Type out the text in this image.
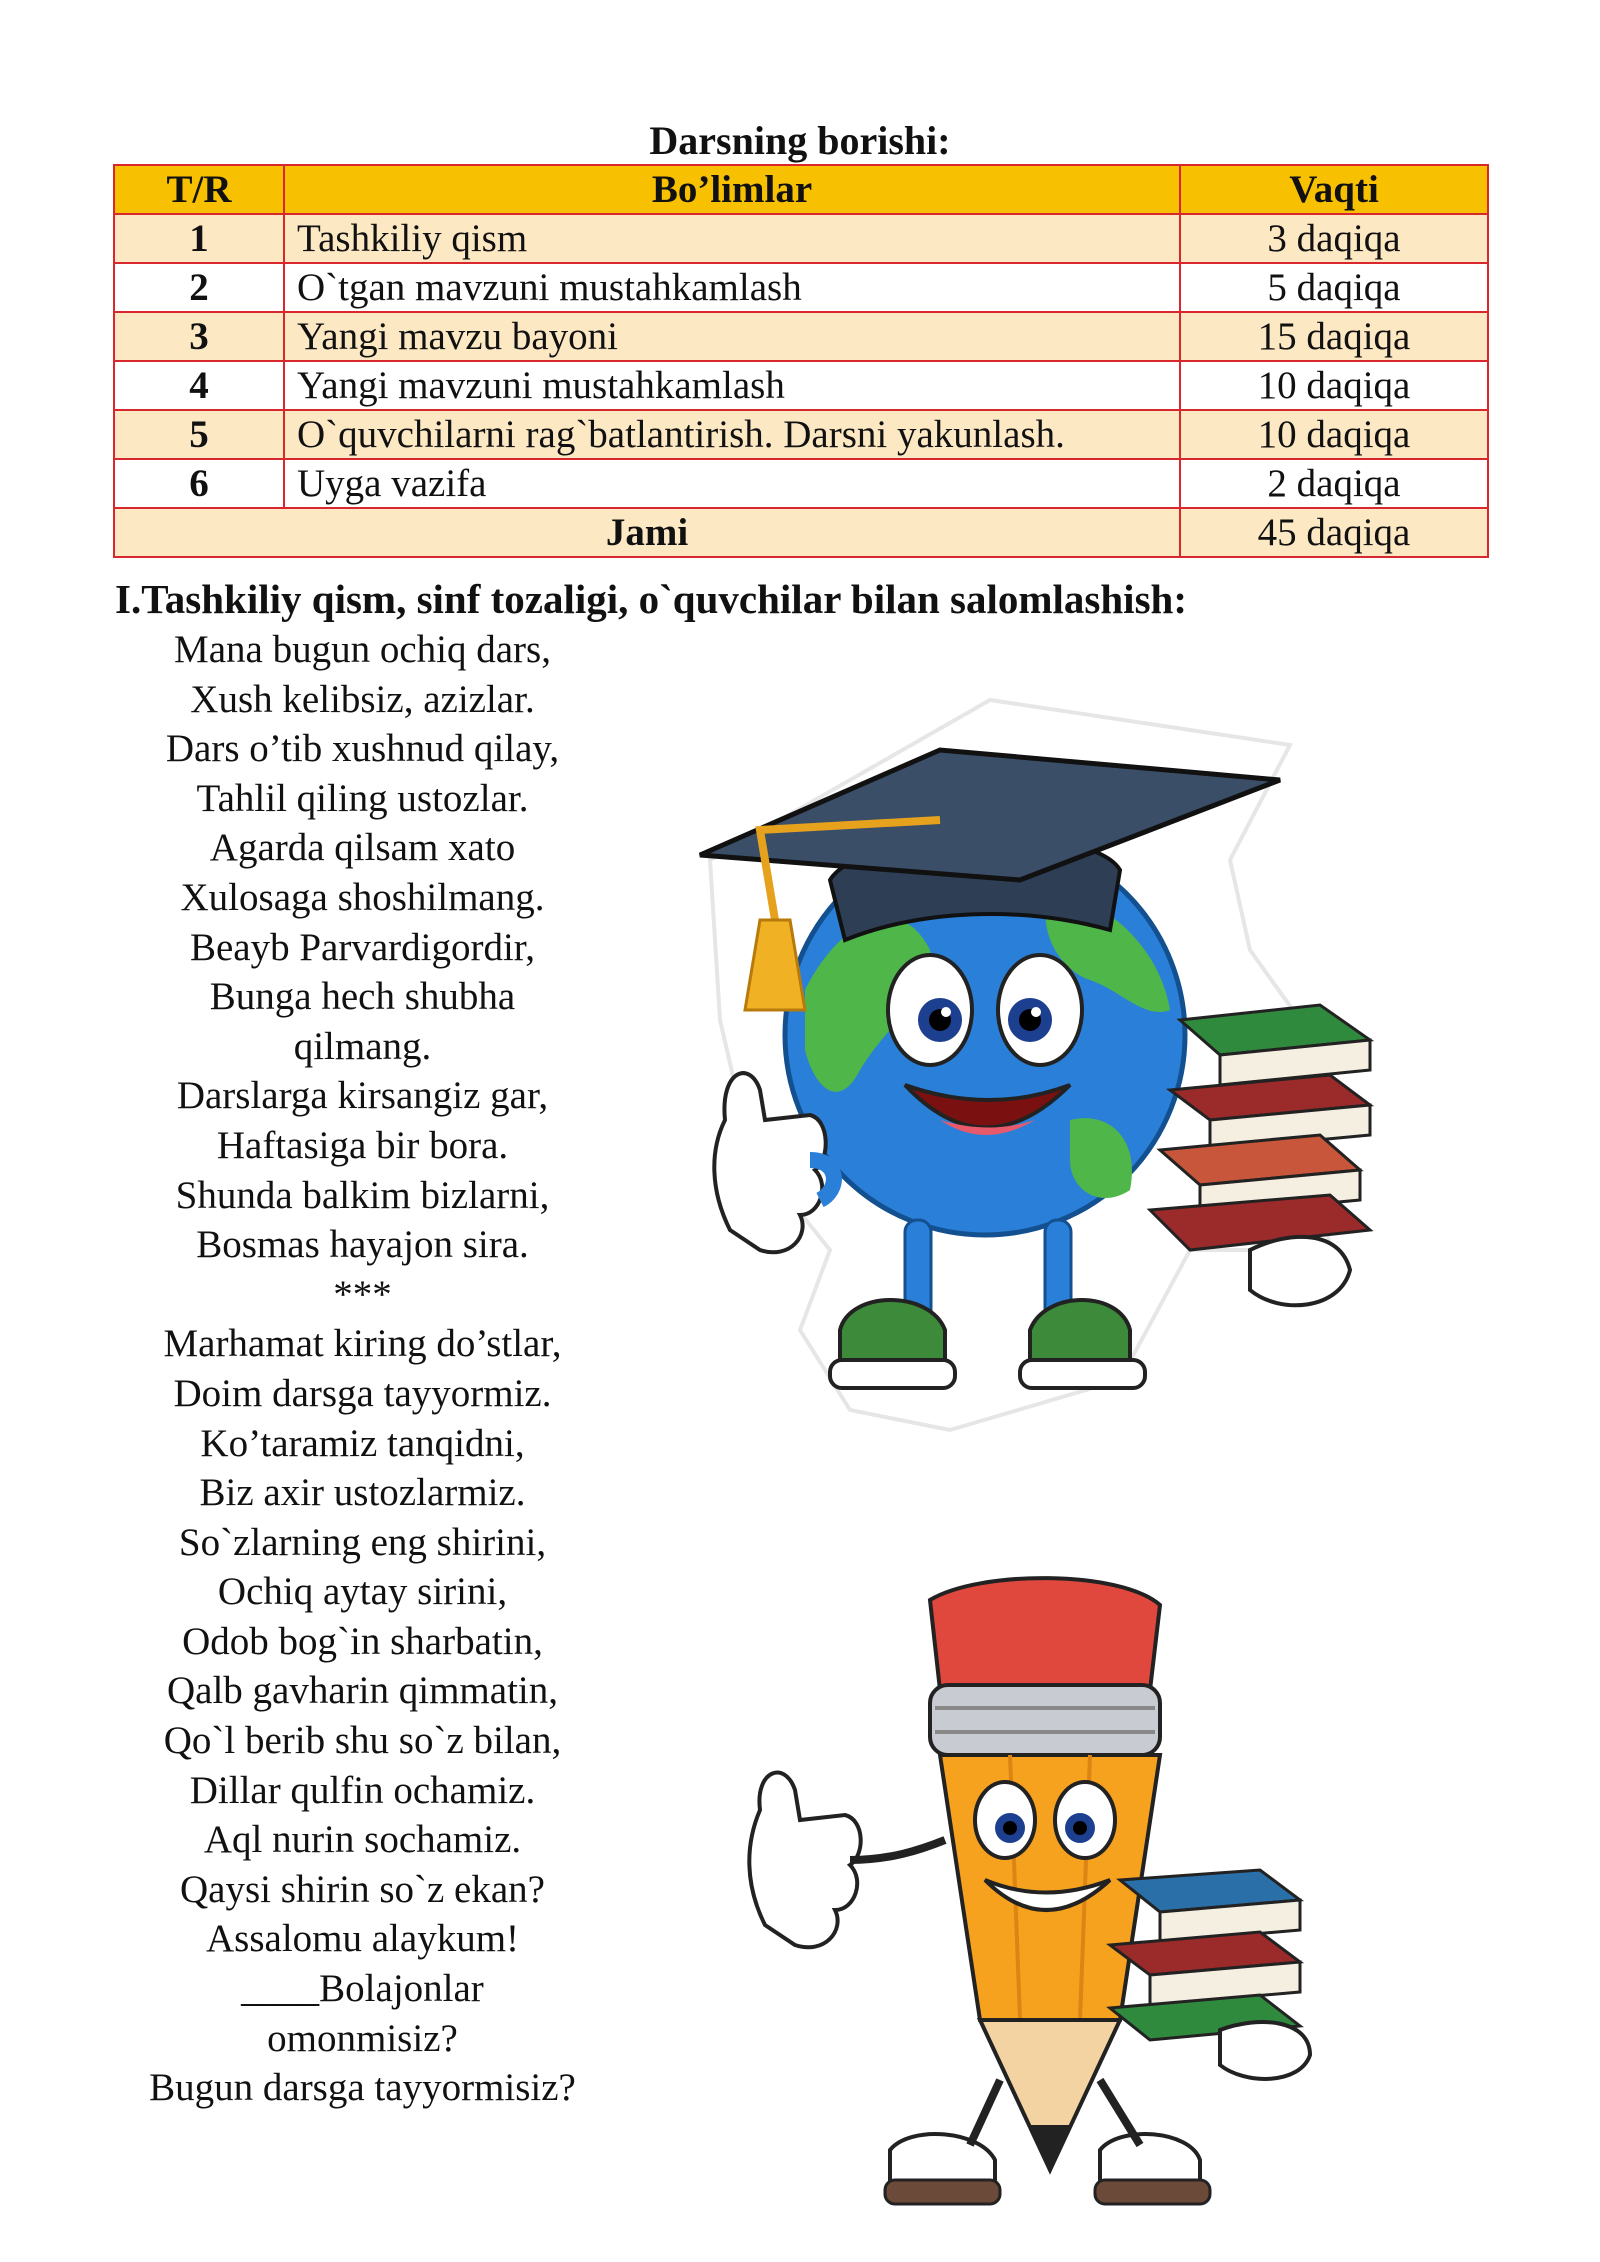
Darsning borishi:
T/R	Bo’limlar	Vaqti
1	Tashkiliy qism	3 daqiqa
2	O`tgan mavzuni mustahkamlash	5 daqiqa
3	Yangi mavzu bayoni	15 daqiqa
4	Yangi mavzuni mustahkamlash	10 daqiqa
5	O`quvchilarni rag`batlantirish. Darsni yakunlash.	10 daqiqa
6	Uyga vazifa	2 daqiqa
Jami		45 daqiqa
I.Tashkiliy qism, sinf tozaligi, o`quvchilar bilan salomlashish:
Mana bugun ochiq dars,
Xush kelibsiz, azizlar.
Dars o’tib xushnud qilay,
Tahlil qiling ustozlar.
Agarda qilsam xato
Xulosaga shoshilmang.
Beayb Parvardigordir,
Bunga hech shubha
qilmang.
Darslarga kirsangiz gar,
Haftasiga bir bora.
Shunda balkim bizlarni,
Bosmas hayajon sira.
***
Marhamat kiring do’stlar,
Doim darsga tayyormiz.
Ko’taramiz tanqidni,
Biz axir ustozlarmiz.
So`zlarning eng shirini,
Ochiq aytay sirini,
Odob bog`in sharbatin,
Qalb gavharin qimmatin,
Qo`l berib shu so`z bilan,
Dillar qulfin ochamiz.
Aql nurin sochamiz.
Qaysi shirin so`z ekan?
Assalomu alaykum!
____Bolajonlar
omonmisiz?
Bugun darsga tayyormisiz?
